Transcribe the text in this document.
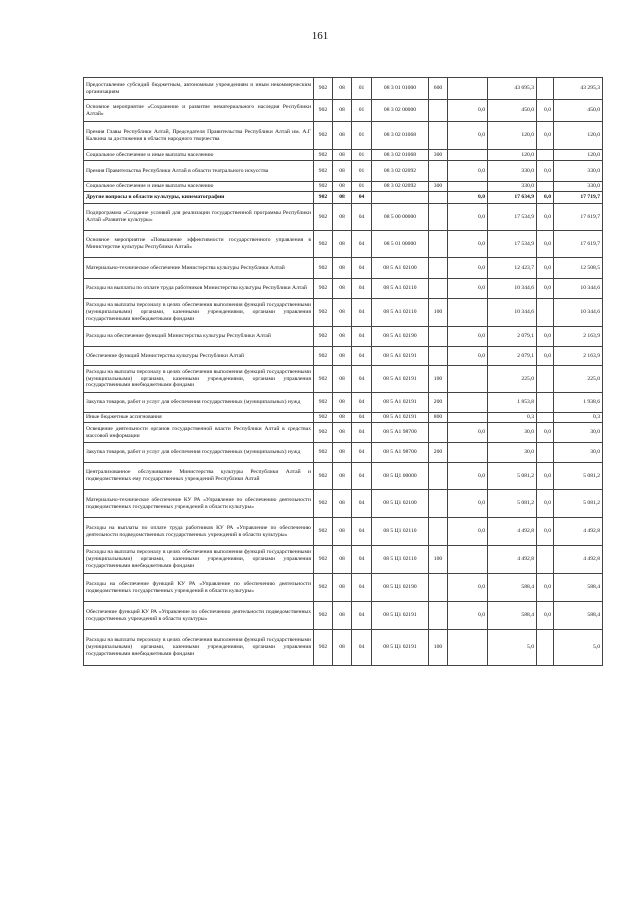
161
Предоставление субсидий бюджетным, автономным учреждениям и иным некоммерческим организациям	902	08	01	08 3 01 01000	600		43 695,3		43 295,3
Основное мероприятие «Сохранение и развитие нематериального наследия Республики Алтай»	902	08	01	08 3 02 00000		0,0	450,0	0,0	450,0
Премия Главы Республики Алтай, Председателя Правительства Республики Алтай им. А.Г Калкина за достижения в области народного творчества	902	08	01	08 3 02 01068		0,0	120,0	0,0	120,0
Социальное обеспечение и иные выплаты населению	902	08	01	08 3 02 01068	300		120,0		120,0
Премия Правительства Республики Алтай в области театрального искусства	902	08	01	08 3 02 02092		0,0	330,0	0,0	330,0
Социальное обеспечение и иные выплаты населению	902	08	01	08 3 02 02092	300		330,0		330,0
Другие вопросы в области культуры, кинематографии	902	08	04			0,0	17 634,9	0,0	17 719,7
Подпрограмма «Создание условий для реализации государственной программы Республики Алтай «Развитие культуры»	902	08	04	08 5 00 00000		0,0	17 534,9	0,0	17 619,7
Основное мероприятие «Повышение эффективности государственного управления в Министерстве культуры Республики Алтай»	902	08	04	08 5 01 00000		0,0	17 534,9	0,0	17 619,7
Материально-техническое обеспечение Министерства культуры Республики Алтай	902	08	04	08 5 А1 02100		0,0	12 423,7	0,0	12 508,5
Расходы на выплаты по оплате труда работников Министерства культуры Республики Алтай	902	08	04	08 5 А1 02110		0,0	10 344,6	0,0	10 344,6
Расходы на выплаты персоналу в целях обеспечения выполнения функций государственными (муниципальными) органами, казенными учреждениями, органами управления государственными внебюджетными фондами	902	08	04	08 5 А1 02110	100		10 344,6		10 344,6
Расходы на обеспечение функций Министерства культуры Республики Алтай	902	08	04	08 5 А1 02190		0,0	2 079,1	0,0	2 163,9
Обеспечение функций Министерства культуры Республики Алтай	902	08	04	08 5 А1 02191		0,0	2 079,1	0,0	2 163,9
Расходы на выплаты персоналу в целях обеспечения выполнения функций государственными (муниципальными) органами, казенными учреждениями, органами управления государственными внебюджетными фондами	902	08	04	08 5 А1 02191	100		225,0		225,0
Закупка товаров, работ и услуг для обеспечения государственных (муниципальных) нужд	902	08	04	08 5 А1 02191	200		1 853,8		1 938,6
Иные бюджетные ассигнования	902	08	04	08 5 А1 02191	800		0,3		0,3
Освещение деятельности органов государственной власти Республики Алтай в средствах массовой информации	902	08	04	08 5 А1 98700		0,0	30,0	0,0	30,0
Закупка товаров, работ и услуг для обеспечения государственных (муниципальных) нужд	902	08	04	08 5 А1 98700	200		30,0		30,0
Централизованное обслуживание Министерства культуры Республики Алтай и подведомственных ему государственных учреждений Республики Алтай	902	08	04	08 5 Ц1 00000		0,0	5 081,2	0,0	5 081,2
Материально-техническое обеспечение КУ РА «Управление по обеспечению деятельности подведомственных государственных учреждений в области культуры»	902	08	04	08 5 Ц1 02100		0,0	5 081,2	0,0	5 081,2
Расходы на выплаты по оплате труда работников КУ РА «Управление по обеспечению деятельности подведомственных государственных учреждений в области культуры»	902	08	04	08 5 Ц1 02110		0,0	4 492,8	0,0	4 492,8
Расходы на выплаты персоналу в целях обеспечения выполнения функций государственными (муниципальными) органами, казенными учреждениями, органами управления государственными внебюджетными фондами	902	08	04	08 5 Ц1 02110	100		4 492,8		4 492,8
Расходы на обеспечение функций КУ РА «Управление по обеспечению деятельности подведомственных государственных учреждений в области культуры»	902	08	04	08 5 Ц1 02190		0,0	588,4	0,0	588,4
Обеспечение функций КУ РА «Управление по обеспечению деятельности подведомственных государственных учреждений в области культуры»	902	08	04	08 5 Ц1 02191		0,0	588,4	0,0	588,4
Расходы на выплаты персоналу в целях обеспечения выполнения функций государственными (муниципальными) органами, казенными учреждениями, органами управления государственными внебюджетными фондами	902	08	04	08 5 Ц1 02191	100		5,0		5,0
